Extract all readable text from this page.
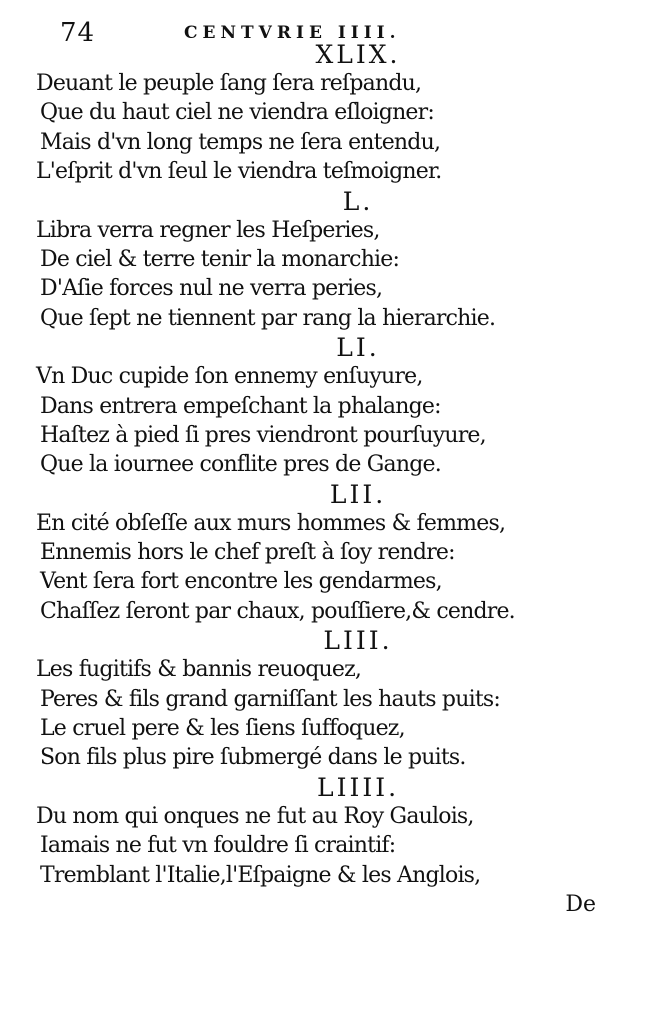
74	CENTVRIE IIII.
XLIX.
Deuant le peuple ſang ſera reſpandu,
Que du haut ciel ne viendra eſloigner:
Mais d'vn long temps ne ſera entendu,
L'eſprit d'vn ſeul le viendra teſmoigner.
L.
Libra verra regner les Heſperies,
De ciel & terre tenir la monarchie:
D'Aſie forces nul ne verra peries,
Que ſept ne tiennent par rang la hierarchie.
LI.
Vn Duc cupide ſon ennemy enſuyure,
Dans entrera empeſchant la phalange:
Haſtez à pied ſi pres viendront pourſuyure,
Que la iournee conflite pres de Gange.
LII.
En cité obſeſſe aux murs hommes & femmes,
Ennemis hors le chef preſt à ſoy rendre:
Vent ſera fort encontre les gendarmes,
Chaſſez ſeront par chaux, pouſſiere,& cendre.
LIII.
Les fugitifs & bannis reuoquez,
Peres & fils grand garniſſant les hauts puits:
Le cruel pere & les ſiens ſuffoquez,
Son fils plus pire ſubmergé dans le puits.
LIIII.
Du nom qui onques ne fut au Roy Gaulois,
Iamais ne fut vn fouldre ſi craintif:
Tremblant l'Italie,l'Eſpaigne & les Anglois,
De
